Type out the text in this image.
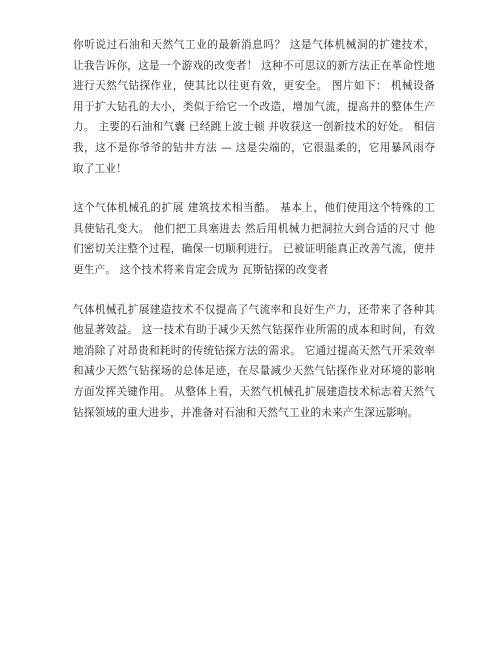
你听说过石油和天然气工业的最新消息吗？ 这是气体机械洞的扩建技术， 让我告诉你，这是一个游戏的改变者！ 这种不可思议的新方法正在革命性地进行天然气钻探作业，使其比以往更有效，更安全。 图片如下： 机械设备用于扩大钻孔的大小，类似于给它一个改造，增加气流，提高井的整体生产力。 主要的石油和气囊 已经跳上波士顿 并收获这一创新技术的好处。 相信我，这不是你爷爷的钻井方法 — 这是尖端的，它很温柔的，它用暴风雨夺取了工业！

这个气体机械孔的扩展 建筑技术相当酷。 基本上，他们使用这个特殊的工具使钻孔变大。 他们把工具塞进去 然后用机械力把洞拉大到合适的尺寸 他们密切关注整个过程，确保一切顺利进行。 已被证明能真正改善气流，使井更生产。 这个技术将来肯定会成为 瓦斯钻探的改变者

气体机械孔扩展建造技术不仅提高了气流率和良好生产力，还带来了各种其他显著效益。 这一技术有助于减少天然气钻探作业所需的成本和时间，有效地消除了对昂贵和耗时的传统钻探方法的需求。 它通过提高天然气开采效率和减少天然气钻探场的总体足迹，在尽量减少天然气钻探作业对环境的影响方面发挥关键作用。 从整体上看，天然气机械孔扩展建造技术标志着天然气钻探领域的重大进步，并准备对石油和天然气工业的未来产生深远影响。
